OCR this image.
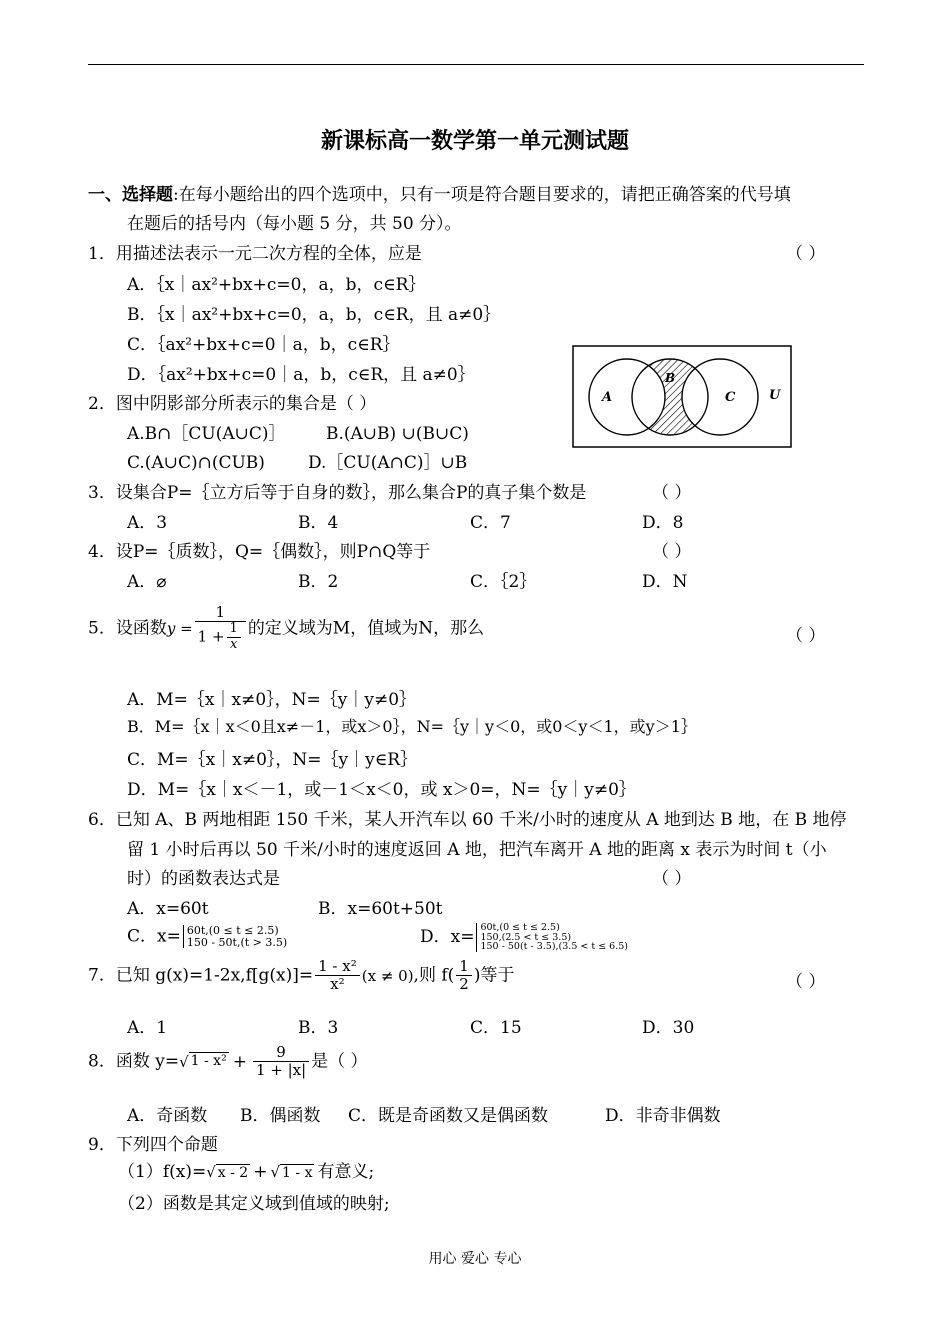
新课标高一数学第一单元测试题
一、选择题:在每小题给出的四个选项中，只有一项是符合题目要求的，请把正确答案的代号填
在题后的括号内（每小题 5 分，共 50 分）。
1．用描述法表示一元二次方程的全体，应是	（ ）
A．｛x｜ax²+bx+c=0，a，b，c∈R｝
B．｛x｜ax²+bx+c=0，a，b，c∈R，且 a≠0｝
C．｛ax²+bx+c=0｜a，b，c∈R｝
D．｛ax²+bx+c=0｜a，b，c∈R，且 a≠0｝
A
B
C	U
2．图中阴影部分所表示的集合是（ ）
A.B∩［CU(A∪C)］ B.(A∪B) ∪(B∪C)
C.(A∪C)∩(CUB)	D.［CU(A∩C)］∪B
3．设集合P=｛立方后等于自身的数｝，那么集合P的真子集个数是	（ ）
A．3	B．4	C．7	D．8
4．设P=｛质数｝，Q=｛偶数｝，则P∩Q等于	（ ）
A．⌀	B．2	C．｛2｝	D．N
5．设函数$y = \frac{1}{1 + \frac{1}{x}}$ 的定义域为M，值域为N，那么	（ ）
A．M=｛x｜x≠0｝，N=｛y｜y≠0｝
B．M=｛x｜x＜0且x≠－1，或x＞0｝，N=｛y｜y＜0，或0＜y＜1，或y＞1｝
C．M=｛x｜x≠0｝，N=｛y｜y∈R｝
D．M=｛x｜x＜－1，或－1＜x＜0，或 x＞0=，N=｛y｜y≠0｝
6．已知 A、B 两地相距 150 千米，某人开汽车以 60 千米/小时的速度从 A 地到达 B 地，在 B 地停
留 1 小时后再以 50 千米/小时的速度返回 A 地，把汽车离开 A 地的距离 x 表示为时间 t（小
时）的函数表达式是	（ ）
A．x=60t	B．x=60t+50t
C．x= 60t,(0 ≤ t ≤ 2.5)
150 - 50t,(t > 3.5)	D．x= 60t,(0 ≤ t ≤ 2.5)
150,(2.5 < t ≤ 3.5)
150 - 50(t - 3.5),(3.5 < t ≤ 6.5)
7．已知 $g(x)=1-2x,f[g(x)]= \frac{\text{1 - x²}}{\text{x²}} (x \ne 0)$,则 $f( \frac{1}{2}$ )等于	（ ）
A．1	B．3	C．15	D．30
8．函数 y=√ $1 - x^2 + \frac{9}{1 + |x|}$ 是（ ）
A．奇函数 B．偶函数 C．既是奇函数又是偶函数	D．非奇非偶数
9．下列四个命题
（1）f(x)=√ x - 2 + √ 1 - x 有意义;
（2）函数是其定义域到值域的映射;
用心 爱心 专心
